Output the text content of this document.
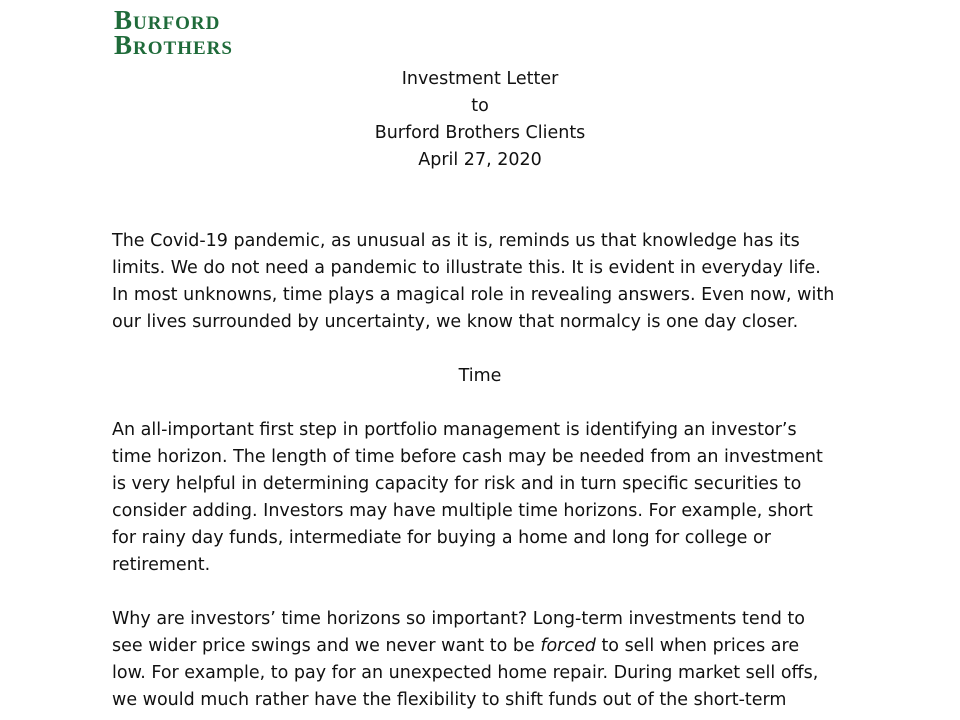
BURFORD
BROTHERS
Investment Letter
to
Burford Brothers Clients
April 27, 2020
The Covid-19 pandemic, as unusual as it is, reminds us that knowledge has its
limits. We do not need a pandemic to illustrate this. It is evident in everyday life.
In most unknowns, time plays a magical role in revealing answers. Even now, with
our lives surrounded by uncertainty, we know that normalcy is one day closer.
Time
An all-important first step in portfolio management is identifying an investor’s
time horizon. The length of time before cash may be needed from an investment
is very helpful in determining capacity for risk and in turn specific securities to
consider adding. Investors may have multiple time horizons. For example, short
for rainy day funds, intermediate for buying a home and long for college or
retirement.
Why are investors’ time horizons so important? Long-term investments tend to
see wider price swings and we never want to be forced to sell when prices are
low. For example, to pay for an unexpected home repair. During market sell offs,
we would much rather have the flexibility to shift funds out of the short-term
